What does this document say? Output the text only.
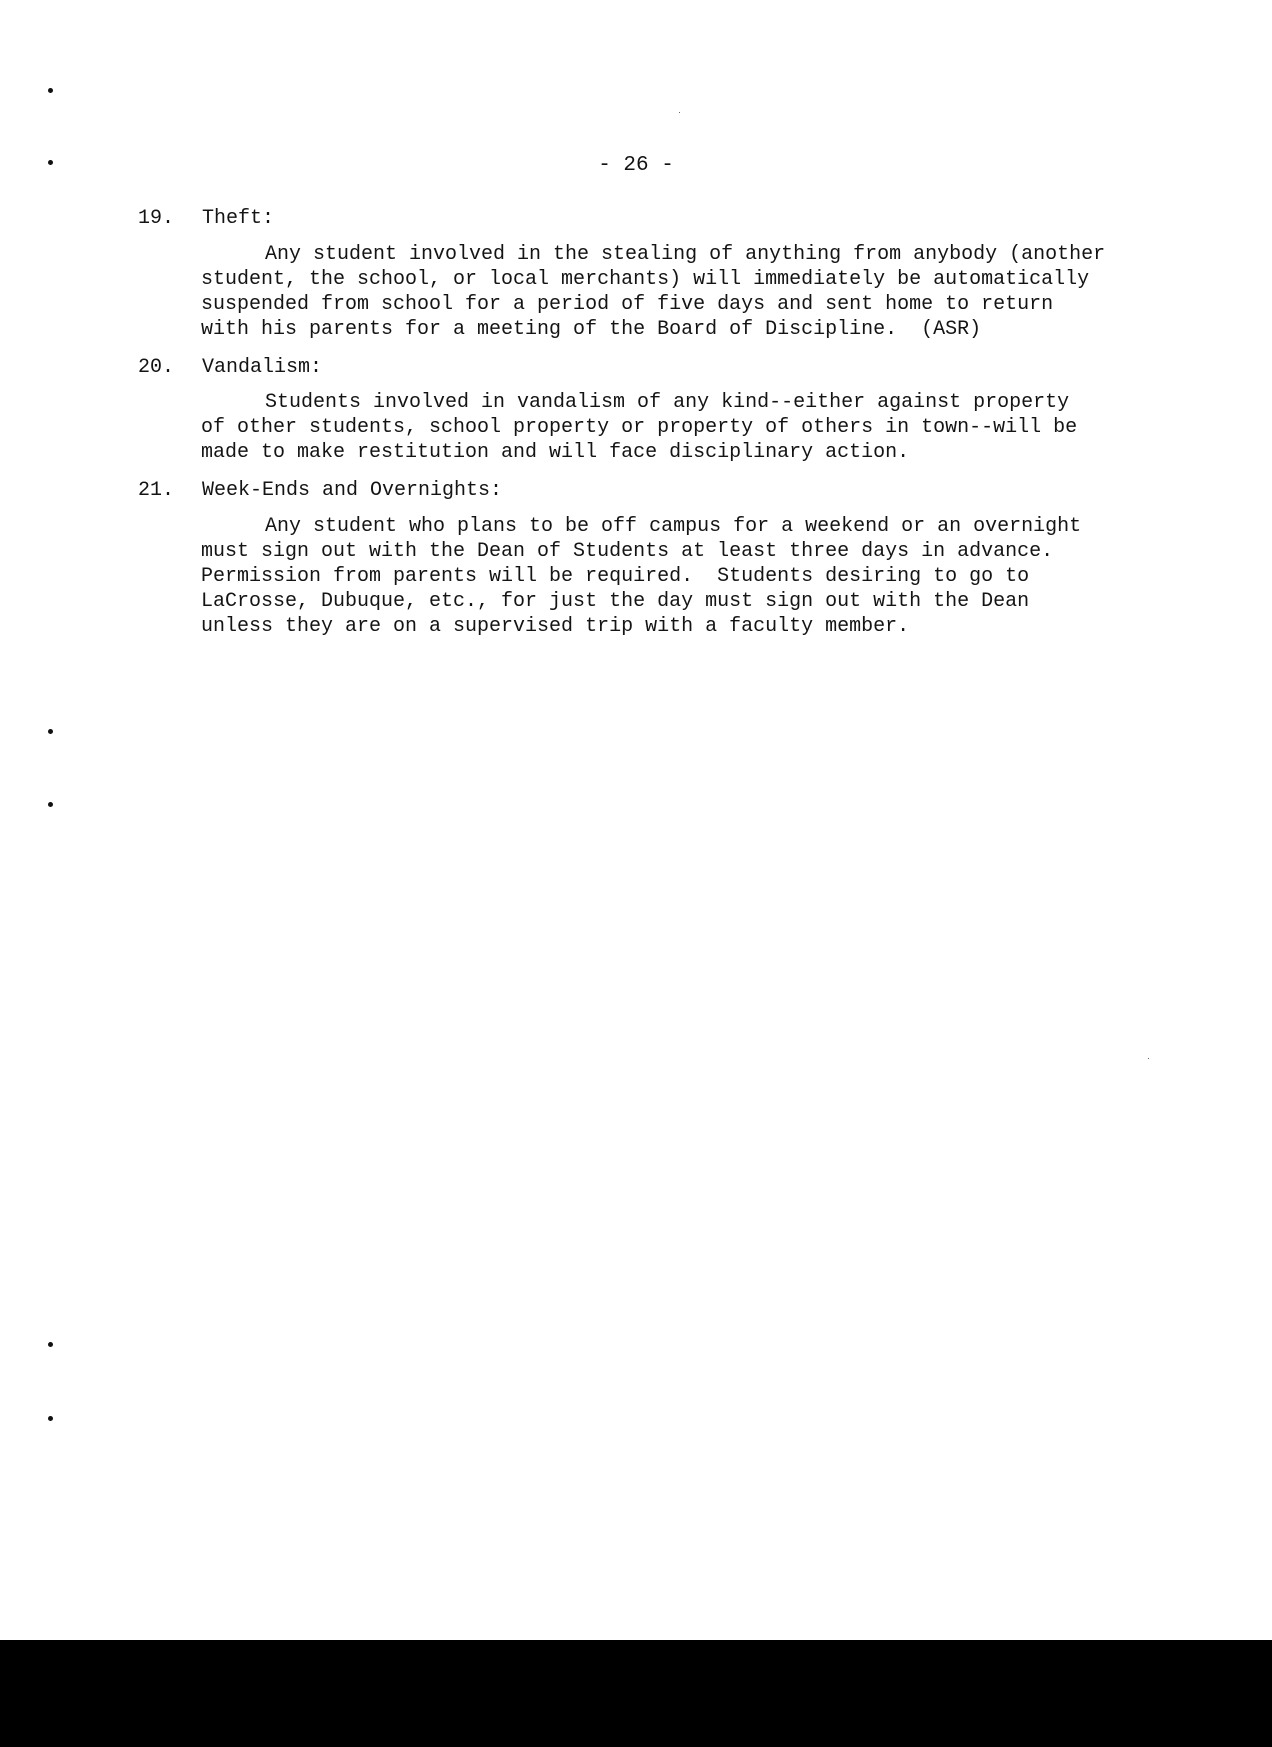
- 26 -
19. Theft:
Any student involved in the stealing of anything from anybody (another
student, the school, or local merchants) will immediately be automatically
suspended from school for a period of five days and sent home to return
with his parents for a meeting of the Board of Discipline.  (ASR)
20. Vandalism:
Students involved in vandalism of any kind--either against property
of other students, school property or property of others in town--will be
made to make restitution and will face disciplinary action.
21. Week-Ends and Overnights:
Any student who plans to be off campus for a weekend or an overnight
must sign out with the Dean of Students at least three days in advance.
Permission from parents will be required.  Students desiring to go to
LaCrosse, Dubuque, etc., for just the day must sign out with the Dean
unless they are on a supervised trip with a faculty member.
